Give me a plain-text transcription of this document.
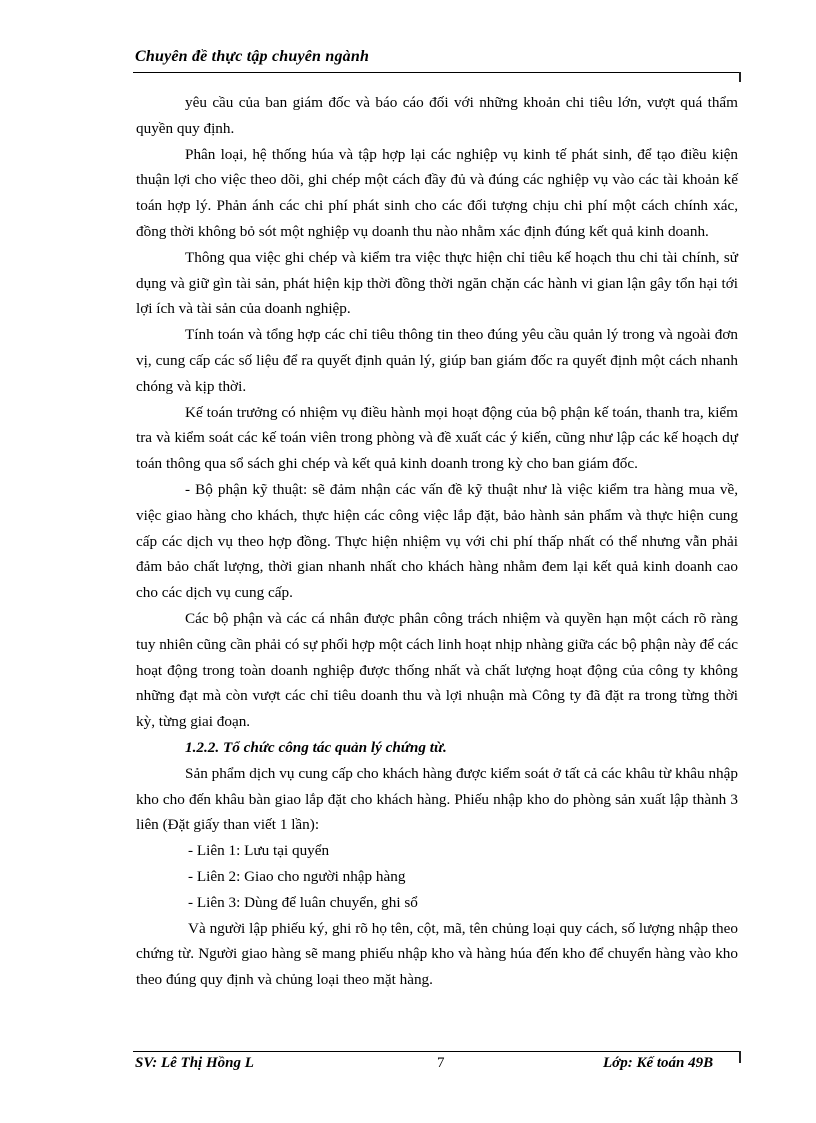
Chuyên đề thực tập chuyên ngành

yêu cầu của ban giám đốc và báo cáo đối với những khoản chi tiêu lớn, vượt quá thẩm quyền quy định.

Phân loại, hệ thống húa và tập hợp lại các nghiệp vụ kinh tế phát sinh, để tạo điều kiện thuận lợi cho việc theo dõi, ghi chép một cách đầy đủ và đúng các nghiệp vụ vào các tài khoản kế toán hợp lý. Phản ánh các chi phí phát sinh cho các đối tượng chịu chi phí một cách chính xác, đồng thời không bỏ sót một nghiệp vụ doanh thu nào nhằm xác định đúng kết quả kinh doanh.

Thông qua việc ghi chép và kiểm tra việc thực hiện chỉ tiêu kế hoạch thu chi tài chính, sử dụng và giữ gìn tài sản, phát hiện kịp thời đồng thời ngăn chặn các hành vi gian lận gây tổn hại tới lợi ích và tài sản của doanh nghiệp.

Tính toán và tổng hợp các chỉ tiêu thông tin theo đúng yêu cầu quản lý trong và ngoài đơn vị, cung cấp các số liệu để ra quyết định quản lý, giúp ban giám đốc ra quyết định một cách nhanh chóng và kịp thời.

Kế toán trưởng có nhiệm vụ điều hành mọi hoạt động của bộ phận kế toán, thanh tra, kiểm tra và kiểm soát các kế toán viên trong phòng và đề xuất các ý kiến, cũng như lập các kế hoạch dự toán thông qua sổ sách ghi chép và kết quả kinh doanh trong kỳ cho ban giám đốc.

- Bộ phận kỹ thuật: sẽ đảm nhận các vấn đề kỹ thuật như là việc kiểm tra hàng mua về, việc giao hàng cho khách, thực hiện các công việc lắp đặt, bảo hành sản phẩm và thực hiện cung cấp các dịch vụ theo hợp đồng. Thực hiện nhiệm vụ với chi phí thấp nhất có thể nhưng vẫn phải đảm bảo chất lượng, thời gian nhanh nhất cho khách hàng nhằm đem lại kết quả kinh doanh cao cho các dịch vụ cung cấp.

Các bộ phận và các cá nhân được phân công trách nhiệm và quyền hạn một cách rõ ràng tuy nhiên cũng cần phải có sự phối hợp một cách linh hoạt nhịp nhàng giữa các bộ phận này để các hoạt động trong toàn doanh nghiệp được thống nhất và chất lượng hoạt động của công ty không những đạt mà còn vượt các chỉ tiêu doanh thu và lợi nhuận mà Công ty đã đặt ra trong từng thời kỳ, từng giai đoạn.

1.2.2. Tổ chức công tác quản lý chứng từ.

Sản phẩm dịch vụ cung cấp cho khách hàng được kiểm soát ở tất cả các khâu từ khâu nhập kho cho đến khâu bàn giao lắp đặt cho khách hàng. Phiếu nhập kho do phòng sản xuất lập thành 3 liên (Đặt giấy than viết 1 lần):

- Liên 1: Lưu tại quyển

- Liên 2: Giao cho người nhập hàng

- Liên 3: Dùng để luân chuyển, ghi sổ

Và người lập phiếu ký, ghi rõ họ tên, cột, mã, tên chủng loại quy cách, số lượng nhập theo chứng từ. Người giao hàng sẽ mang phiếu nhập kho và hàng húa đến kho để chuyển hàng vào kho theo đúng quy định và chủng loại theo mặt hàng.

SV: Lê Thị Hồng L	7	Lớp: Kế toán 49B
